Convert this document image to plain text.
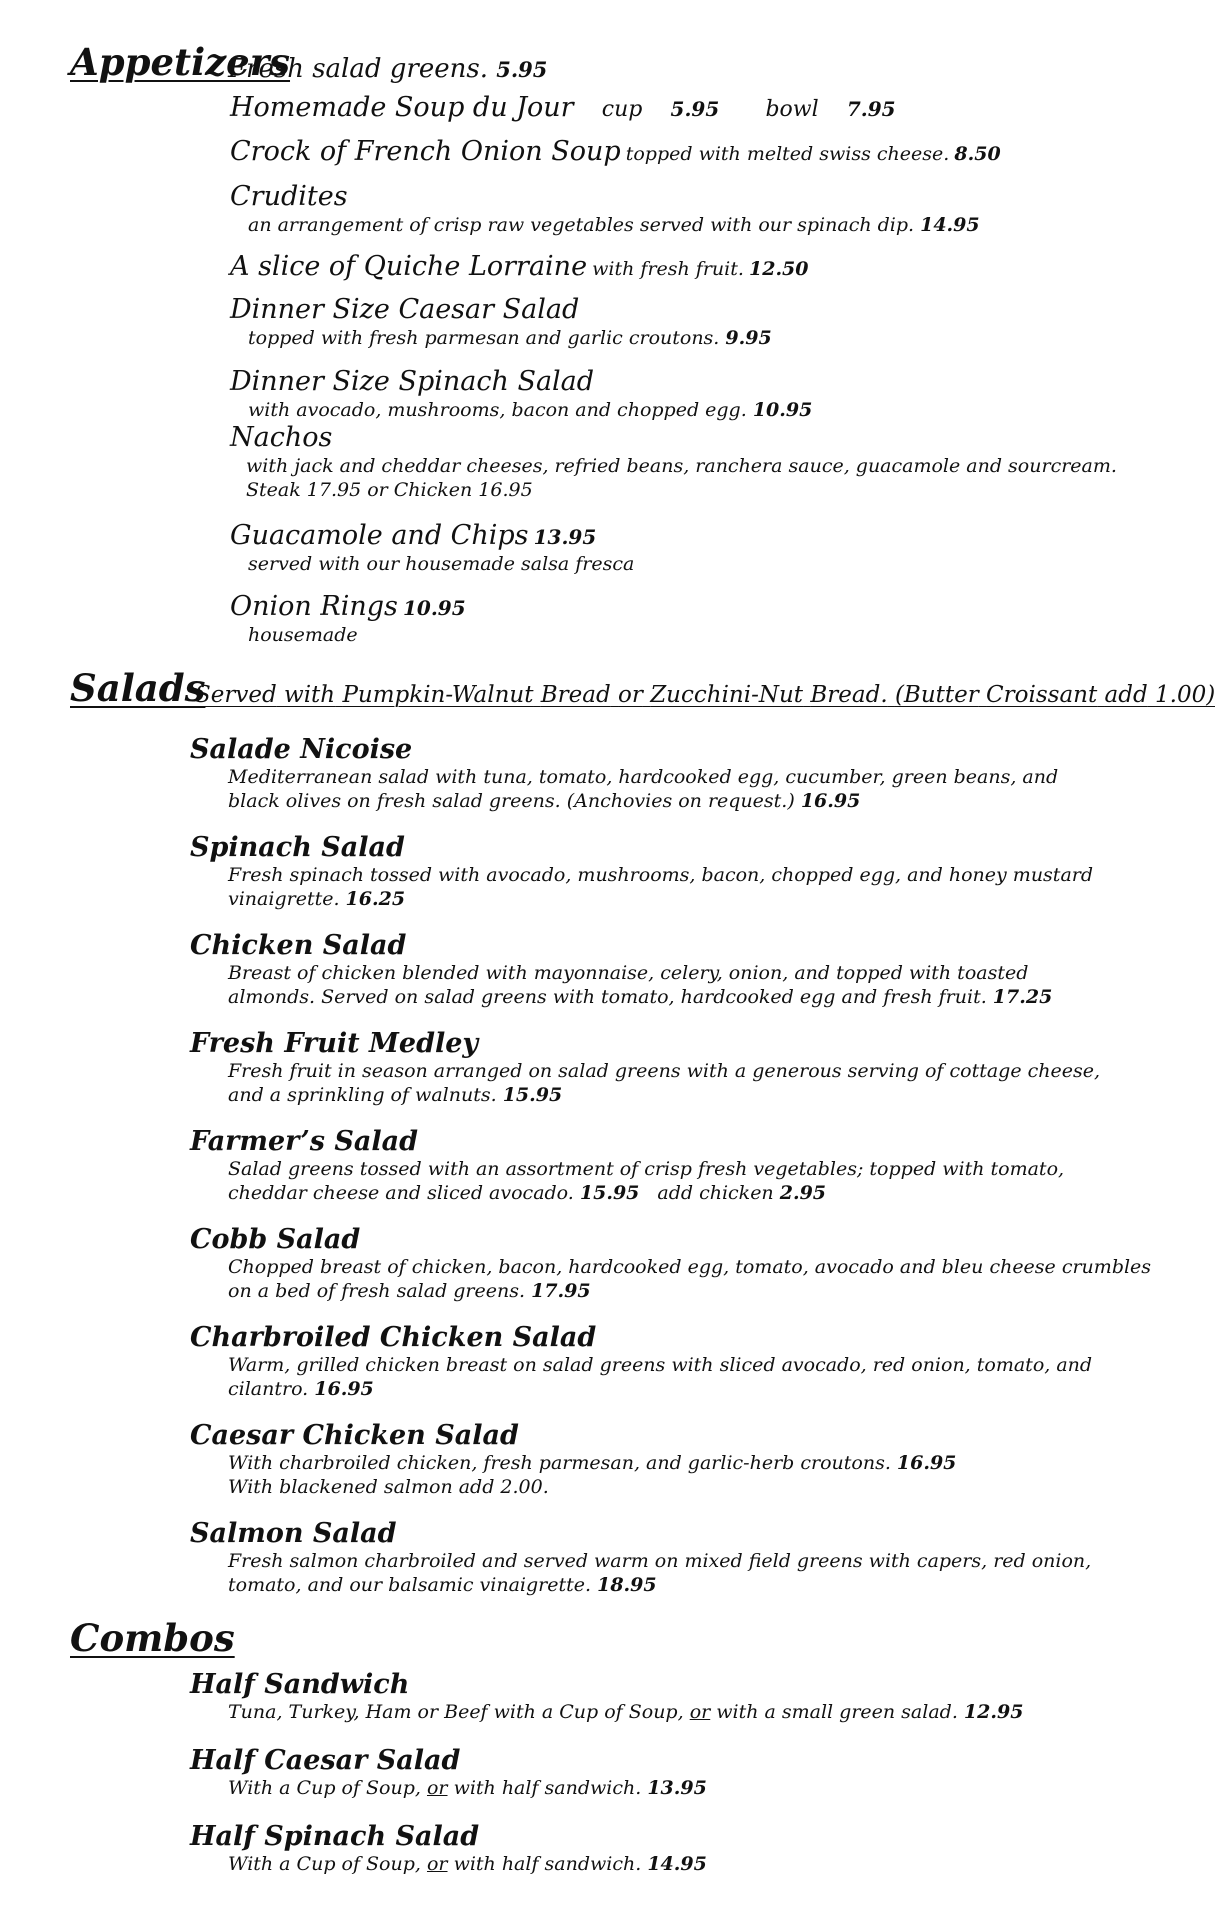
Appetizers
Fresh salad greens. 5.95
Homemade Soup du Jour cup 5.95 bowl 7.95
Crock of French Onion Soup topped with melted swiss cheese. 8.50
Crudites
an arrangement of crisp raw vegetables served with our spinach dip. 14.95
A slice of Quiche Lorraine with fresh fruit. 12.50
Dinner Size Caesar Salad
topped with fresh parmesan and garlic croutons. 9.95
Dinner Size Spinach Salad
with avocado, mushrooms, bacon and chopped egg. 10.95
Nachos
with jack and cheddar cheeses, refried beans, ranchera sauce, guacamole and sourcream.
Steak 17.95 or Chicken 16.95
Guacamole and Chips 13.95
served with our housemade salsa fresca
Onion Rings 10.95
housemade
Salads
Served with Pumpkin-Walnut Bread or Zucchini-Nut Bread. (Butter Croissant add 1.00)
Salade Nicoise
Mediterranean salad with tuna, tomato, hardcooked egg, cucumber, green beans, and
black olives on fresh salad greens. (Anchovies on request.) 16.95
Spinach Salad
Fresh spinach tossed with avocado, mushrooms, bacon, chopped egg, and honey mustard
vinaigrette. 16.25
Chicken Salad
Breast of chicken blended with mayonnaise, celery, onion, and topped with toasted
almonds. Served on salad greens with tomato, hardcooked egg and fresh fruit. 17.25
Fresh Fruit Medley
Fresh fruit in season arranged on salad greens with a generous serving of cottage cheese,
and a sprinkling of walnuts. 15.95
Farmer’s Salad
Salad greens tossed with an assortment of crisp fresh vegetables; topped with tomato,
cheddar cheese and sliced avocado. 15.95 add chicken 2.95
Cobb Salad
Chopped breast of chicken, bacon, hardcooked egg, tomato, avocado and bleu cheese crumbles
on a bed of fresh salad greens. 17.95
Charbroiled Chicken Salad
Warm, grilled chicken breast on salad greens with sliced avocado, red onion, tomato, and
cilantro. 16.95
Caesar Chicken Salad
With charbroiled chicken, fresh parmesan, and garlic-herb croutons. 16.95
With blackened salmon add 2.00.
Salmon Salad
Fresh salmon charbroiled and served warm on mixed field greens with capers, red onion,
tomato, and our balsamic vinaigrette. 18.95
Combos
Half Sandwich
Tuna, Turkey, Ham or Beef with a Cup of Soup, or with a small green salad. 12.95
Half Caesar Salad
With a Cup of Soup, or with half sandwich. 13.95
Half Spinach Salad
With a Cup of Soup, or with half sandwich. 14.95
